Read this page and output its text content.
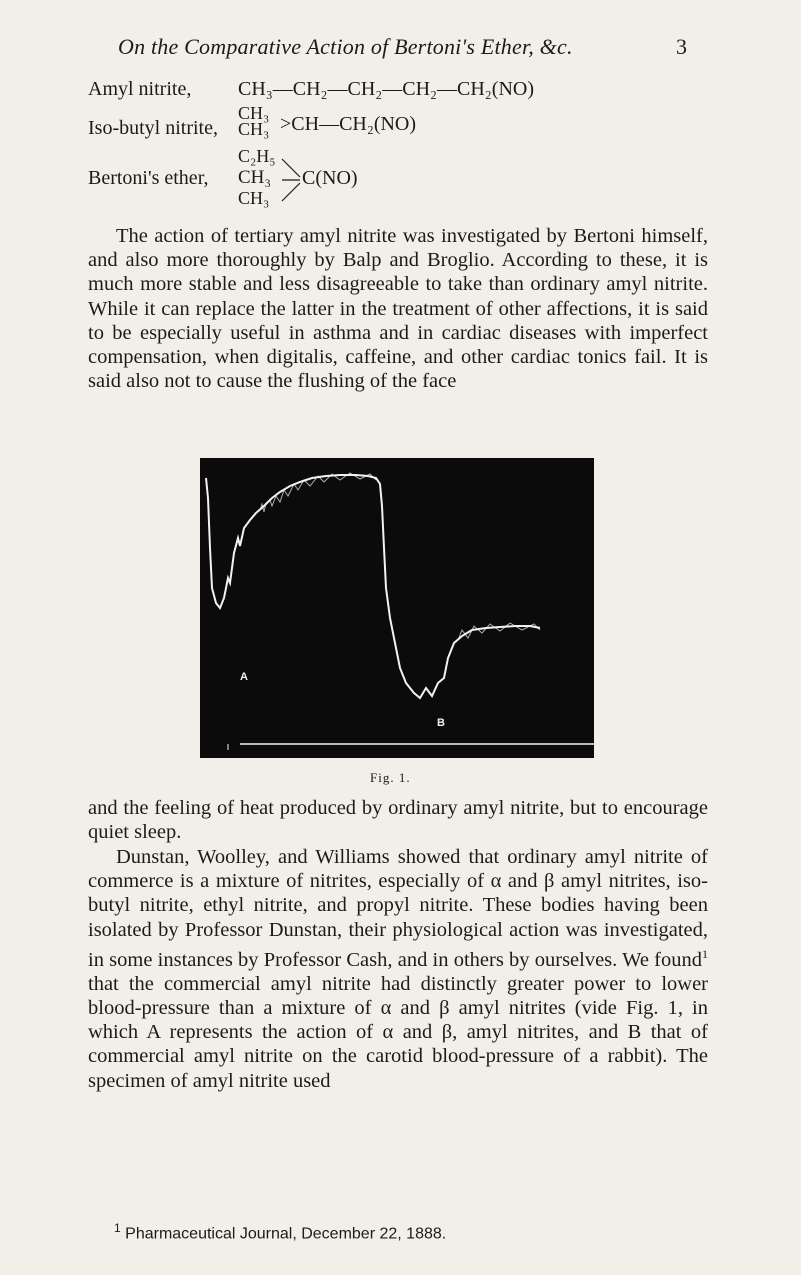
On the Comparative Action of Bertoni's Ether, &c.	3
Amyl nitrite, CH₃—CH₂—CH₂—CH₂—CH₂(NO)
Iso-butyl nitrite,
CH₃
CH₃ >CH—CH₂(NO)
C₂H₅
Bertoni's ether, CH₃
CH₃
C(NO)

The action of tertiary amyl nitrite was investigated by Bertoni himself, and also more thoroughly by Balp and Broglio. According to these, it is much more stable and less disagreeable to take than ordinary amyl nitrite. While it can replace the latter in the treatment of other affections, it is said to be especially useful in asthma and in cardiac diseases with imperfect compensation, when digitalis, caffeine, and other cardiac tonics fail. It is said also not to cause the flushing of the face

A
B
Fig. 1.

and the feeling of heat produced by ordinary amyl nitrite, but to encourage quiet sleep.

Dunstan, Woolley, and Williams showed that ordinary amyl nitrite of commerce is a mixture of nitrites, especially of α and β amyl nitrites, iso-butyl nitrite, ethyl nitrite, and propyl nitrite. These bodies having been isolated by Professor Dunstan, their physiological action was investigated, in some instances by Professor Cash, and in others by ourselves. We found$^1$ that the commercial amyl nitrite had distinctly greater power to lower blood-pressure than a mixture of α and β amyl nitrites (vide Fig. 1, in which A represents the action of α and β, amyl nitrites, and B that of commercial amyl nitrite on the carotid blood-pressure of a rabbit). The specimen of amyl nitrite used

$^1$ Pharmaceutical Journal, December 22, 1888.
